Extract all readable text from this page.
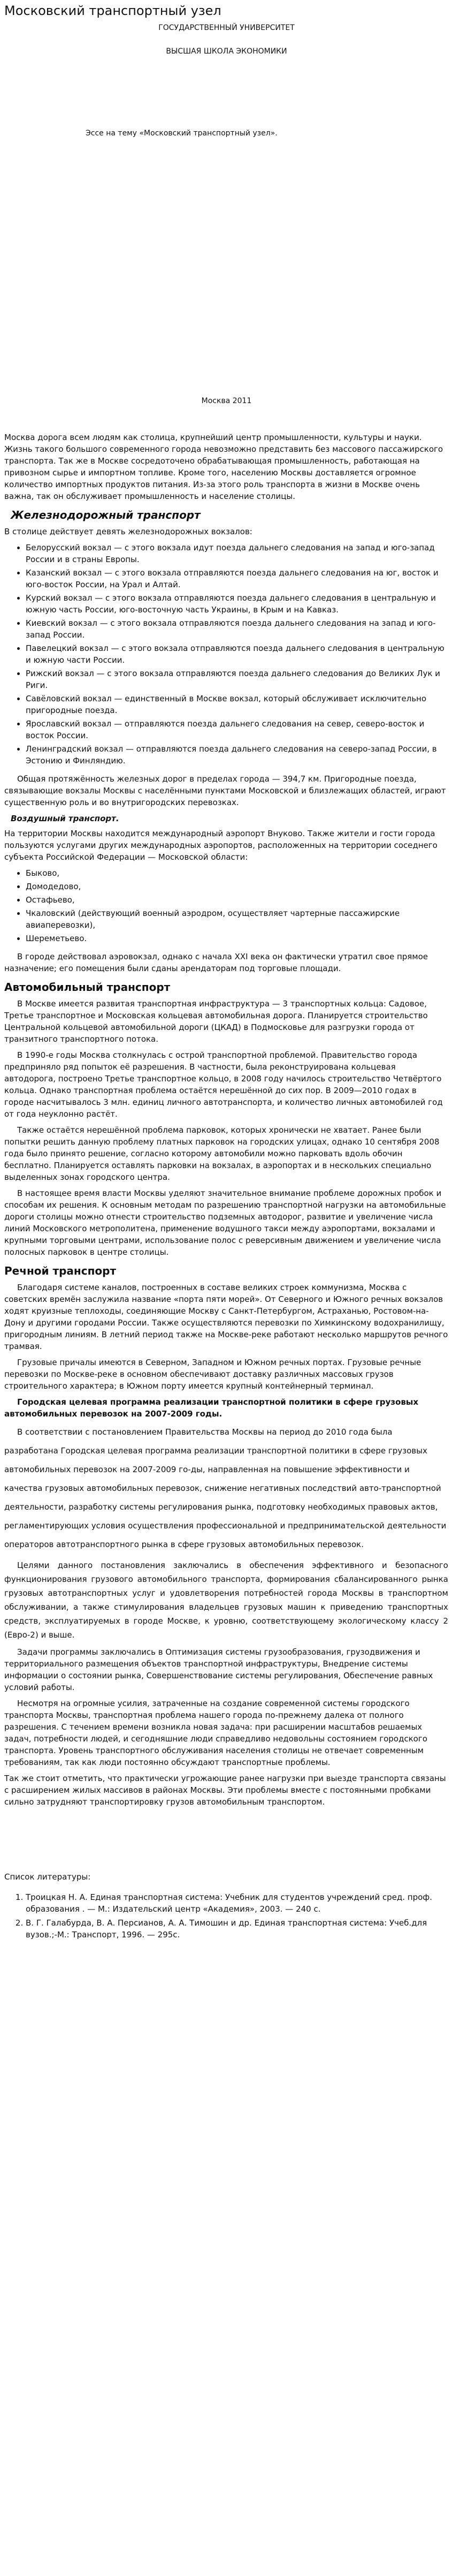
Московский транспортный узел
ГОСУДАРСТВЕННЫЙ УНИВЕРСИТЕТ
ВЫСШАЯ ШКОЛА ЭКОНОМИКИ
Эссе на тему «Московский транспортный узел».
Москва 2011

Москва дорога всем людям как столица, крупнейший центр промышленности, культуры и науки. Жизнь такого большого современного города невозможно представить без массового пассажирского транспорта. Так же в Москве сосредоточено обрабатывающая промышленность, работающая на привозном сырье и импортном топливе. Кроме того, населению Москвы доставляется огромное количество импортных продуктов питания. Из-за этого роль транспорта в жизни в Москве очень важна, так он обслуживает промышленность и население столицы.

Железнодорожный транспорт

В столице действует девять железнодорожных вокзалов:

• Белорусский вокзал — с этого вокзала идут поезда дальнего следования на запад и юго-запад России и в страны Европы.
• Казанский вокзал — с этого вокзала отправляются поезда дальнего следования на юг, восток и юго-восток России, на Урал и Алтай.
• Курский вокзал — с этого вокзала отправляются поезда дальнего следования в центральную и южную часть России, юго-восточную часть Украины, в Крым и на Кавказ.
• Киевский вокзал — с этого вокзала отправляются поезда дальнего следования на запад и юго-запад России.
• Павелецкий вокзал — с этого вокзала отправляются поезда дальнего следования в центральную и южную части России.
• Рижский вокзал — с этого вокзала отправляются поезда дальнего следования до Великих Лук и Риги.
• Савёловский вокзал — единственный в Москве вокзал, который обслуживает исключительно пригородные поезда.
• Ярославский вокзал — отправляются поезда дальнего следования на север, северо-восток и восток России.
• Ленинградский вокзал — отправляются поезда дальнего следования на северо-запад России, в Эстонию и Финляндию.

Общая протяжённость железных дорог в пределах города — 394,7 км. Пригородные поезда, связывающие вокзалы Москвы с населёнными пунктами Московской и близлежащих областей, играют существенную роль и во внутригородских перевозках.

Воздушный транспорт.

На территории Москвы находится международный аэропорт Внуково. Также жители и гости города пользуются услугами других международных аэропортов, расположенных на территории соседнего субъекта Российской Федерации — Московской области:

• Быково,
• Домодедово,
• Остафьево,
• Чкаловский (действующий военный аэродром, осуществляет чартерные пассажирские авиаперевозки),
• Шереметьево.

В городе действовал аэровокзал, однако с начала XXI века он фактически утратил свое прямое назначение; его помещения были сданы арендаторам под торговые площади.

Автомобильный транспорт

В Москве имеется развитая транспортная инфраструктура — 3 транспортных кольца: Садовое, Третье транспортное и Московская кольцевая автомобильная дорога. Планируется строительство Центральной кольцевой автомобильной дороги (ЦКАД) в Подмосковье для разгрузки города от транзитного транспортного потока.

В 1990-е годы Москва столкнулась с острой транспортной проблемой. Правительство города предприняло ряд попыток её разрешения. В частности, была реконструирована кольцевая автодорога, построено Третье транспортное кольцо, в 2008 году начилось строительство Четвёртого кольца. Однако транспортная проблема остаётся нерешённой до сих пор. В 2009—2010 годах в городе насчитывалось 3 млн. единиц личного автотранспорта, и количество личных автомобилей год от года неуклонно растёт.

Также остаётся нерешённой проблема парковок, которых хронически не хватает. Ранее были попытки решить данную проблему платных парковок на городских улицах, однако 10 сентября 2008 года было принято решение, согласно которому автомобили можно парковать вдоль обочин бесплатно. Планируется оставлять парковки на вокзалах, в аэропортах и в нескольких специально выделенных зонах городского центра.

В настоящее время власти Москвы уделяют значительное внимание проблеме дорожных пробок и способам их решения. К основным методам по разрешению транспортной нагрузки на автомобильные дороги столицы можно отнести строительство подземных автодорог, развитие и увеличение числа линий Московского метрополитена, применение водушного такси между аэропортами, вокзалами и крупными торговыми центрами, использование полос с реверсивным движением и увеличение числа полосных парковок в центре столицы.

Речной транспорт

Благодаря системе каналов, построенных в составе великих строек коммунизма, Москва с советских времён заслужила название «порта пяти морей». От Северного и Южного речных вокзалов ходят круизные теплоходы, соединяющие Москву с Санкт-Петербургом, Астраханью, Ростовом-на-Дону и другими городами России. Также осуществляются перевозки по Химкинскому водохранилищу, пригородным линиям. В летний период также на Москве-реке работают несколько маршрутов речного трамвая.

Грузовые причалы имеются в Северном, Западном и Южном речных портах. Грузовые речные перевозки по Москве-реке в основном обеспечивают доставку различных массовых грузов строительного характера; в Южном порту имеется крупный контейнерный терминал.

Городская целевая программа реализации транспортной политики в сфере грузовых автомобильных перевозок на 2007-2009 годы.

В соответствии с постановлением Правительства Москвы на период до 2010 года была разработана Городская целевая программа реализации транспортной политики в сфере грузовых автомобильных перевозок на 2007-2009 го-ды, направленная на повышение эффективности и качества грузовых автомобильных перевозок, снижение негативных последствий авто-транспортной деятельности, разработку системы регулирования рынка, подготовку необходимых правовых актов, регламентирующих условия осуществления профессиональной и предпринимательской деятельности операторов автотранспортного рынка в сфере грузовых автомобильных перевозок.

Целями данного постановления заключались в обеспечения эффективного и безопасного функционирования грузового автомобильного транспорта, формирования сбалансированного рынка грузовых автотранспортных услуг и удовлетворения потребностей города Москвы в транспортном обслуживании, а также стимулирования владельцев грузовых машин к приведению транспортных средств, эксплуатируемых в городе Москве, к уровню, соответствующему экологическому классу 2 (Евро-2) и выше.

Задачи программы заключались в Оптимизация системы грузообразования, грузодвижения и территориального размещения объектов транспортной инфраструктуры, Внедрение системы информации о состоянии рынка, Совершенствование системы регулирования, Обеспечение равных условий работы.

Несмотря на огромные усилия, затраченные на создание современной системы городского транспорта Москвы, транспортная проблема нашего города по-прежнему далека от полного разрешения. С течением времени возникла новая задача: при расширении масштабов решаемых задач, потребности людей, и сегодняшние люди справедливо недовольны состоянием городского транспорта. Уровень транспортного обслуживания населения столицы не отвечает современным требованиям, так как люди постоянно обсуждают транспортные проблемы.

Так же стоит отметить, что практически угрожающие ранее нагрузки при выезде транспорта связаны с расширением жилых массивов в районах Москвы. Эти проблемы вместе с постоянными пробками сильно затрудняют транспортировку грузов автомобильным транспортом.

Список литературы:

1. Троицкая Н. А. Единая транспортная система: Учебник для студентов учреждений сред. проф. образования . — М.: Издательский центр «Академия», 2003. — 240 с.
2. В. Г. Галабурда, В. А. Персианов, А. А. Тимошин и др. Единая транспортная система: Учеб.для вузов.;-М.: Транспорт, 1996. — 295с.
